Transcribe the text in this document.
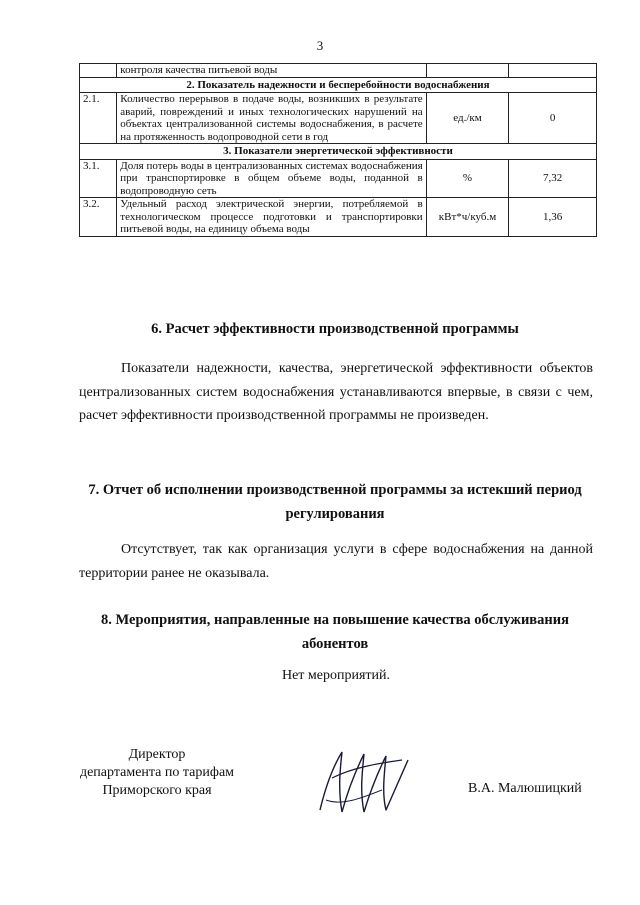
3
	контроля качества питьевой воды		
2. Показатель надежности и бесперебойности водоснабжения			
2.1.	Количество перерывов в подаче воды, возникших в результате аварий, повреждений и иных технологических нарушений на объектах централизованной системы водоснабжения, в расчете на протяженность водопроводной сети в год	ед./км	0
3. Показатели энергетической эффективности			
3.1.	Доля потерь воды в централизованных системах водоснабжения при транспортировке в общем объеме воды, поданной в водопроводную сеть	%	7,32
3.2.	Удельный расход электрической энергии, потребляемой в технологическом процессе подготовки и транспортировки питьевой воды, на единицу объема воды	кВт*ч/куб.м	1,36
6. Расчет эффективности производственной программы
Показатели надежности, качества, энергетической эффективности объектов централизованных систем водоснабжения устанавливаются впервые, в связи с чем, расчет эффективности производственной программы не произведен.
7. Отчет об исполнении производственной программы за истекший период регулирования
Отсутствует, так как организация услуги в сфере водоснабжения на данной территории ранее не оказывала.
8. Мероприятия, направленные на повышение качества обслуживания абонентов
Нет мероприятий.
Директор
департамента по тарифам
Приморского края	В.А. Малюшицкий
